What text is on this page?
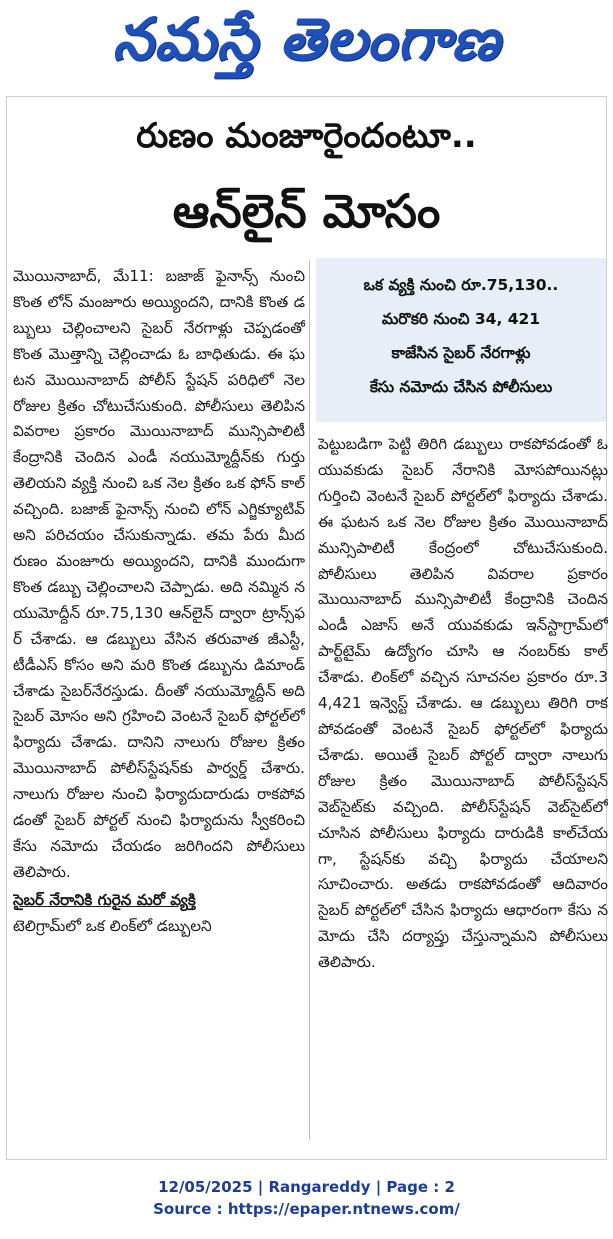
నమస్తే తెలంగాణ
రుణం మంజూరైందంటూ..
ఆన్‌లైన్ మోసం
మొయినాబాద్, మే11: బజాజ్ ఫైనాన్స్ నుంచి కొంత లోన్ మంజూరు అయ్యిందని, దానికి కొంత డబ్బులు చెల్లించాలని సైబర్ నేరగాళ్లు చెప్పడంతో కొంత మొత్తాన్ని చెల్లించాడు ఓ బాధితుడు. ఈ ఘటన మొయినాబాద్ పోలీస్ స్టేషన్ పరిధిలో నెల రోజుల క్రితం చోటుచేసుకుంది. పోలీసులు తెలిపిన వివరాల ప్రకారం మొయినాబాద్ మున్సిపాలిటీ కేంద్రానికి చెందిన ఎండీ నయుమ్మోద్దీన్‌కు గుర్తు తెలియని వ్యక్తి నుంచి ఒక నెల క్రితం ఒక ఫోన్ కాల్ వచ్చింది. బజాజ్ ఫైనాన్స్ నుంచి లోన్ ఎగ్జిక్యూటివ్ అని పరిచయం చేసుకున్నాడు. తమ పేరు మీద రుణం మంజూరు అయ్యిందని, దానికి ముందుగా కొంత డబ్బు చెల్లించాలని చెప్పాడు. అది నమ్మిన నయుమోద్దీన్ రూ.75,130 ఆన్‌లైన్ ద్వారా ట్రాన్స్‌ఫర్ చేశాడు. ఆ డబ్బులు వేసిన తరువాత జీఎస్టీ, టీడీఎస్ కోసం అని మరి కొంత డబ్బును డిమాండ్ చేశాడు సైబర్‌నేరస్తుడు. దీంతో నయుమ్మోద్దీన్ అది సైబర్ మోసం అని గ్రహించి వెంటనే సైబర్ ఫోర్టల్‌లో ఫిర్యాదు చేశాడు. దానిని నాలుగు రోజుల క్రితం మొయినాబాద్ పోలీస్‌స్టేషన్‌కు పార్వర్డ్ చేశారు. నాలుగు రోజుల నుంచి ఫిర్యాదుదారుడు రాకపోవడంతో సైబర్ పోర్టల్ నుంచి ఫిర్యాదును స్వీకరించి కేసు నమోదు చేయడం జరిగిందని పోలీసులు తెలిపారు.
సైబర్ నేరానికి గురైన మరో వ్యక్తి
టెలిగ్రామ్‌లో ఒక లింక్‌లో డబ్బులని
ఒక వ్యక్తి నుంచి రూ.75,130..
మరొకరి నుంచి 34, 421
కాజేసిన సైబర్ నేరగాళ్లు
కేసు నమోదు చేసిన పోలీసులు
పెట్టుబడిగా పెట్టి తిరిగి డబ్బులు రాకపోవడంతో ఓ యువకుడు సైబర్ నేరానికి మోసపోయినట్లు గుర్తించి వెంటనే సైబర్ పోర్టల్‌లో ఫిర్యాదు చేశాడు. ఈ ఘటన ఒక నెల రోజుల క్రితం మొయినాబాద్ మున్సిపాలిటీ కేంద్రంలో చోటుచేసుకుంది. పోలీసులు తెలిపిన వివరాల ప్రకారం మొయినాబాద్ మున్సిపాలిటీ కేంద్రానికి చెందిన ఎండీ ఎజాస్ అనే యువకుడు ఇన్‌స్టాగ్రామ్‌లో పార్ట్‌టైమ్ ఉద్యోగం చూసి ఆ నంబర్‌కు కాల్ చేశాడు. లింక్‌లో వచ్చిన సూచనల ప్రకారం రూ.34,421 ఇన్వెస్ట్ చేశాడు. ఆ డబ్బులు తిరిగి రాకపోవడంతో వెంటనే సైబర్ ఫోర్టల్‌లో ఫిర్యాదు చేశాడు. అయితే సైబర్ పోర్టల్ ద్వారా నాలుగు రోజుల క్రితం మొయినాబాద్ పోలీస్‌స్టేషన్ వెబ్‌సైట్‌కు వచ్చింది. పోలీస్‌స్టేషన్ వెబ్‌సైట్‌లో చూసిన పోలీసులు ఫిర్యాదు దారుడికి కాల్‌చేయగా, స్టేషన్‌కు వచ్చి ఫిర్యాదు చేయాలని సూచించారు. అతడు రాకపోవడంతో ఆదివారం సైబర్ పోర్టల్‌లో చేసిన ఫిర్యాదు ఆధారంగా కేసు నమోదు చేసి దర్యాప్తు చేస్తున్నామని పోలీసులు తెలిపారు.
12/05/2025 | Rangareddy | Page : 2
Source : https://epaper.ntnews.com/
